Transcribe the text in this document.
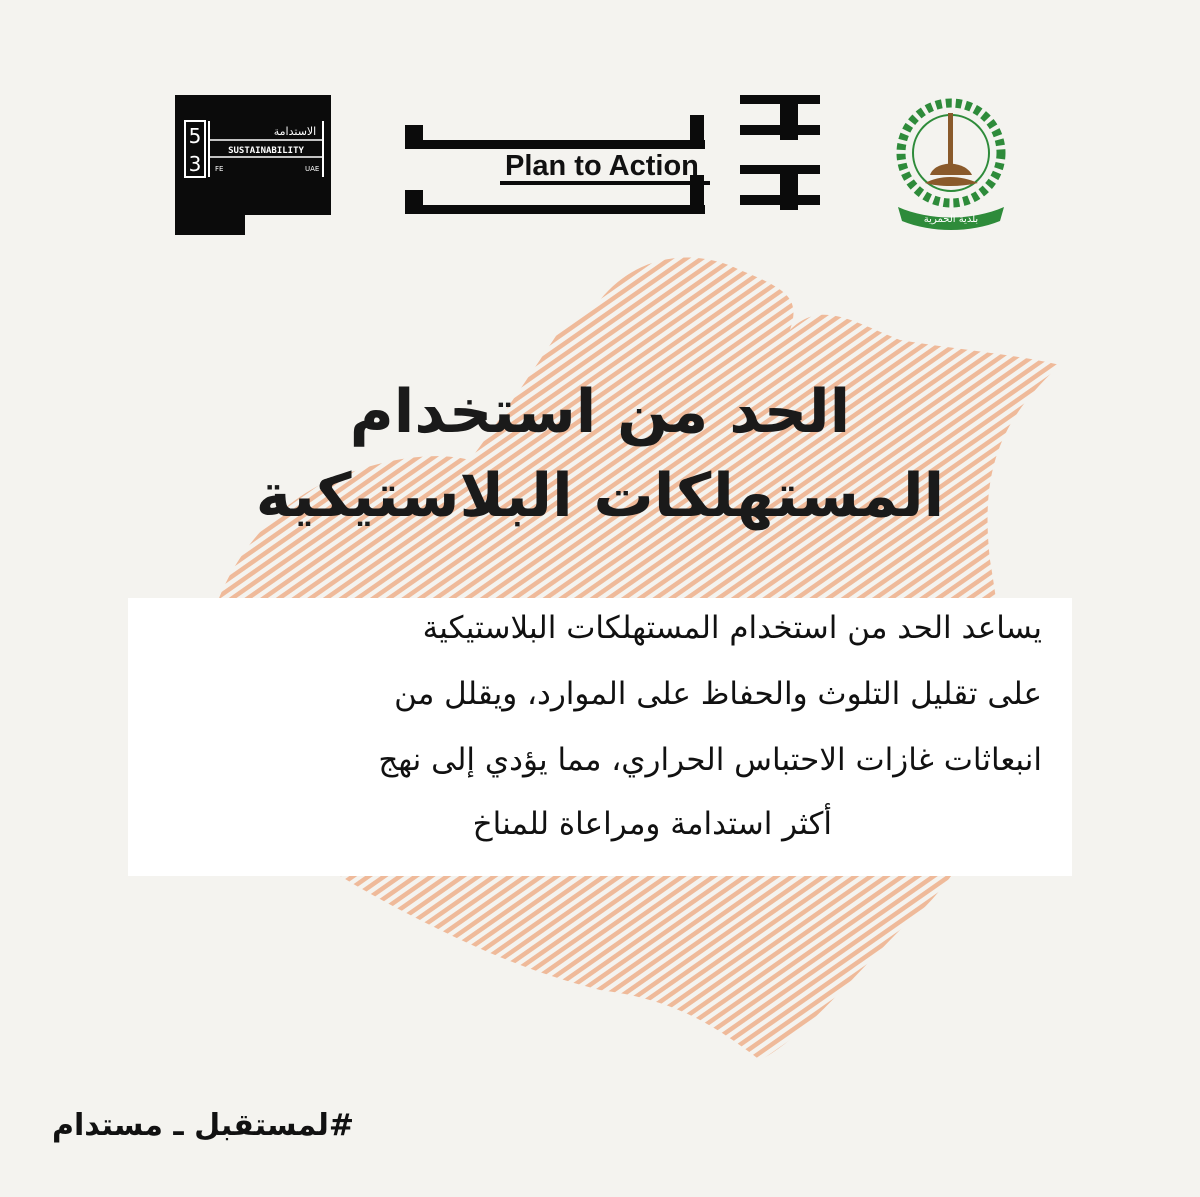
5
3
الاستدامة
SUSTAINABILITY
FE	UAE	Plan to Action
بلدية الحمرية
الحد من استخدام
المستهلكات البلاستيكية
يساعد الحد من استخدام المستهلكات البلاستيكية
على تقليل التلوث والحفاظ على الموارد، ويقلل من
انبعاثات غازات الاحتباس الحراري، مما يؤدي إلى نهج
أكثر استدامة ومراعاة للمناخ
#لمستقبل ـ مستدام
